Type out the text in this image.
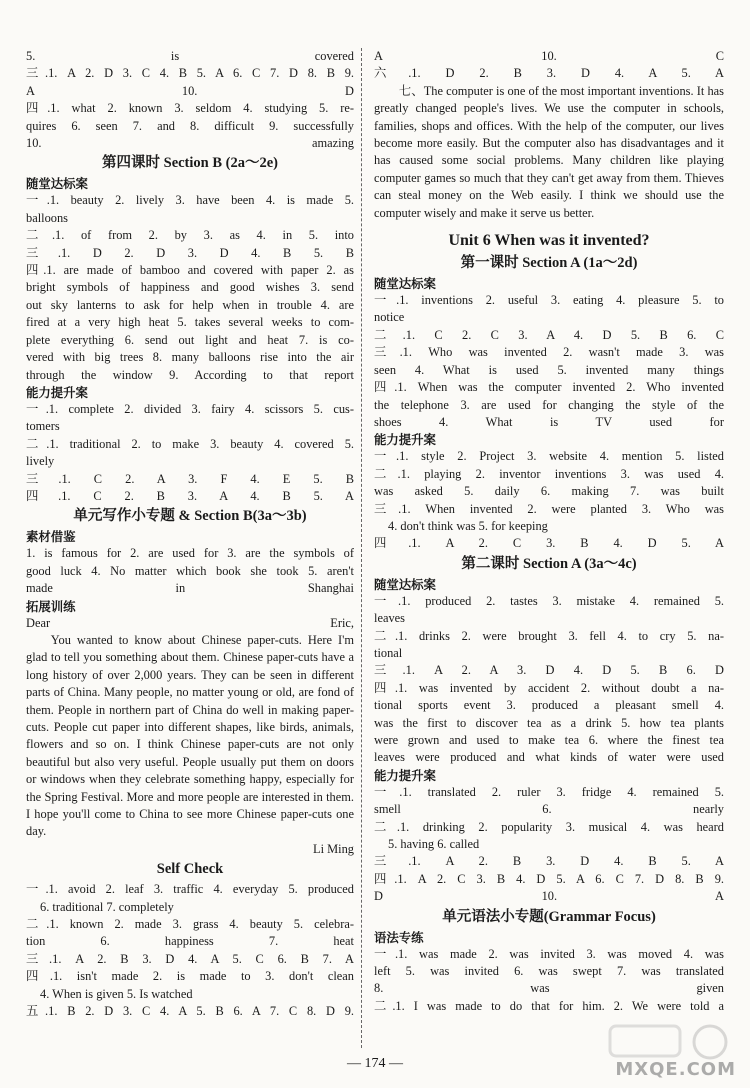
5. is covered
三.1. A 2. D 3. C 4. B 5. A 6. C 7. D 8. B 9.
A 10. D
四.1. what 2. known 3. seldom 4. studying 5. re-
quires 6. seen 7. and 8. difficult 9. successfully
10. amazing
第四课时 Section B (2a～2e)
随堂达标案
一.1. beauty 2. lively 3. have been 4. is made 5.
balloons
二.1. of from 2. by 3. as 4. in 5. into
三.1. D 2. D 3. D 4. B 5. B
四.1. are made of bamboo and covered with paper 2. as
bright symbols of happiness and good wishes 3. send
out sky lanterns to ask for help when in trouble 4. are
fired at a very high heat 5. takes several weeks to com-
plete everything 6. send out light and heat 7. is co-
vered with big trees 8. many balloons rise into the air
through the window 9. According to that report
能力提升案
一.1. complete 2. divided 3. fairy 4. scissors 5. cus-
tomers
二.1. traditional 2. to make 3. beauty 4. covered 5.
lively
三.1. C 2. A 3. F 4. E 5. B
四.1. C 2. B 3. A 4. B 5. A
单元写作小专题 & Section B(3a～3b)
素材借鉴
1. is famous for 2. are used for 3. are the symbols of
good luck 4. No matter which book she took 5. aren't
made in Shanghai
拓展训练
Dear Eric,
You wanted to know about Chinese paper-cuts. Here I'm glad to tell you something about them. Chinese paper-cuts have a long history of over 2,000 years. They can be seen in different parts of China. Many people, no matter young or old, are fond of them. People in northern part of China do well in making paper-cuts. People cut paper into different shapes, like birds, animals, flowers and so on. I think Chinese paper-cuts are not only beautiful but also very useful. People usually put them on doors or windows when they celebrate something happy, especially for the Spring Festival. More and more people are interested in them. I hope you'll come to China to see more Chinese paper-cuts one day.
Li Ming
Self Check
一.1. avoid 2. leaf 3. traffic 4. everyday 5. produced
6. traditional 7. completely
二.1. known 2. made 3. grass 4. beauty 5. celebra-
tion 6. happiness 7. heat
三.1. A 2. B 3. D 4. A 5. C 6. B 7. A
四.1. isn't made 2. is made to 3. don't clean
4. When is given 5. Is watched
五.1. B 2. D 3. C 4. A 5. B 6. A 7. C 8. D 9.
A 10. C
六.1. D 2. B 3. D 4. A 5. A
七、The computer is one of the most important inventions. It has greatly changed people's lives. We use the computer in schools, families, shops and offices. With the help of the computer, our lives become more easily. But the computer also has disadvantages and it has caused some social problems. Many children like playing computer games so much that they can't get away from them. Thieves can steal money on the Web easily. I think we should use the computer wisely and make it serve us better.
Unit 6 When was it invented?
第一课时 Section A (1a～2d)
随堂达标案
一.1. inventions 2. useful 3. eating 4. pleasure 5. to
notice
二.1. C 2. C 3. A 4. D 5. B 6. C
三.1. Who was invented 2. wasn't made 3. was
seen 4. What is used 5. invented many things
四.1. When was the computer invented 2. Who invented
the telephone 3. are used for changing the style of the
shoes 4. What is TV used for
能力提升案
一.1. style 2. Project 3. website 4. mention 5. listed
二.1. playing 2. inventor inventions 3. was used 4.
was asked 5. daily 6. making 7. was built
三.1. When invented 2. were planted 3. Who was
4. don't think was 5. for keeping
四.1. A 2. C 3. B 4. D 5. A
第二课时 Section A (3a～4c)
随堂达标案
一.1. produced 2. tastes 3. mistake 4. remained 5.
leaves
二.1. drinks 2. were brought 3. fell 4. to cry 5. na-
tional
三.1. A 2. A 3. D 4. D 5. B 6. D
四.1. was invented by accident 2. without doubt a na-
tional sports event 3. produced a pleasant smell 4.
was the first to discover tea as a drink 5. how tea plants
were grown and used to make tea 6. where the finest tea
leaves were produced and what kinds of water were used
能力提升案
一.1. translated 2. ruler 3. fridge 4. remained 5.
smell 6. nearly
二.1. drinking 2. popularity 3. musical 4. was heard
5. having 6. called
三.1. A 2. B 3. D 4. B 5. A
四.1. A 2. C 3. B 4. D 5. A 6. C 7. D 8. B 9.
D 10. A
单元语法小专题(Grammar Focus)
语法专练
一.1. was made 2. was invited 3. was moved 4. was
left 5. was invited 6. was swept 7. was translated
8. was given
二.1. I was made to do that for him. 2. We were told a
— 174 —	MXQE.COM
